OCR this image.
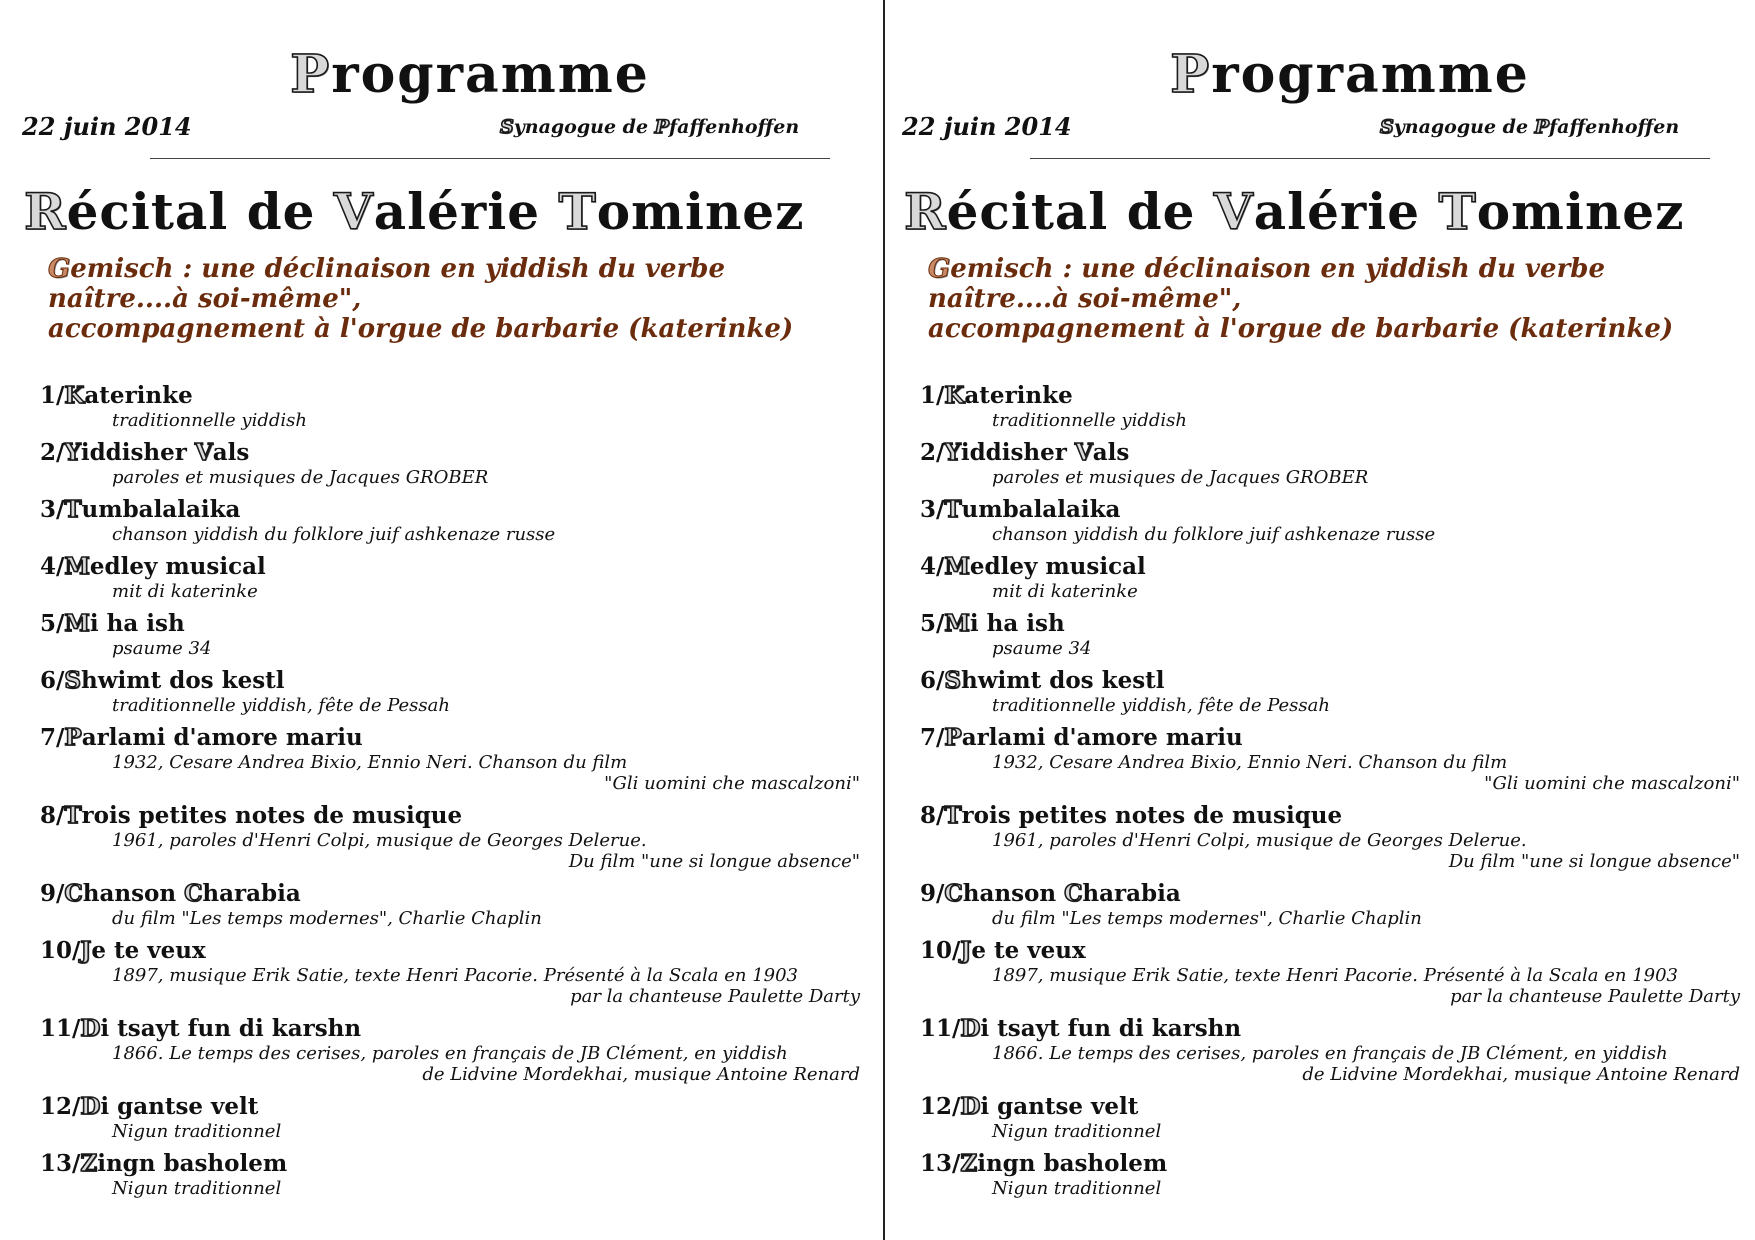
Programme
22 juin 2014	Synagogue de Pfaffenhoffen
Récital de Valérie Tominez
Gemisch : une déclinaison en yiddish du verbe
naître....à soi-même",
accompagnement à l'orgue de barbarie (katerinke)
1/Katerinke
traditionnelle yiddish
2/Yiddisher Vals
paroles et musiques de Jacques GROBER
3/Tumbalalaika
chanson yiddish du folklore juif ashkenaze russe
4/Medley musical
mit di katerinke
5/Mi ha ish
psaume 34
6/Shwimt dos kestl
traditionnelle yiddish, fête de Pessah
7/Parlami d'amore mariu
1932, Cesare Andrea Bixio, Ennio Neri. Chanson du film
"Gli uomini che mascalzoni"
8/Trois petites notes de musique
1961, paroles d'Henri Colpi, musique de Georges Delerue.
Du film "une si longue absence"
9/Chanson Charabia
du film "Les temps modernes", Charlie Chaplin
10/Je te veux
1897, musique Erik Satie, texte Henri Pacorie. Présenté à la Scala en 1903
par la chanteuse Paulette Darty
11/Di tsayt fun di karshn
1866. Le temps des cerises, paroles en français de JB Clément, en yiddish
de Lidvine Mordekhai, musique Antoine Renard
12/Di gantse velt
Nigun traditionnel
13/Zingn basholem
Nigun traditionnel
Programme
22 juin 2014	Synagogue de Pfaffenhoffen
Récital de Valérie Tominez
Gemisch : une déclinaison en yiddish du verbe
naître....à soi-même",
accompagnement à l'orgue de barbarie (katerinke)
1/Katerinke
traditionnelle yiddish
2/Yiddisher Vals
paroles et musiques de Jacques GROBER
3/Tumbalalaika
chanson yiddish du folklore juif ashkenaze russe
4/Medley musical
mit di katerinke
5/Mi ha ish
psaume 34
6/Shwimt dos kestl
traditionnelle yiddish, fête de Pessah
7/Parlami d'amore mariu
1932, Cesare Andrea Bixio, Ennio Neri. Chanson du film
"Gli uomini che mascalzoni"
8/Trois petites notes de musique
1961, paroles d'Henri Colpi, musique de Georges Delerue.
Du film "une si longue absence"
9/Chanson Charabia
du film "Les temps modernes", Charlie Chaplin
10/Je te veux
1897, musique Erik Satie, texte Henri Pacorie. Présenté à la Scala en 1903
par la chanteuse Paulette Darty
11/Di tsayt fun di karshn
1866. Le temps des cerises, paroles en français de JB Clément, en yiddish
de Lidvine Mordekhai, musique Antoine Renard
12/Di gantse velt
Nigun traditionnel
13/Zingn basholem
Nigun traditionnel
